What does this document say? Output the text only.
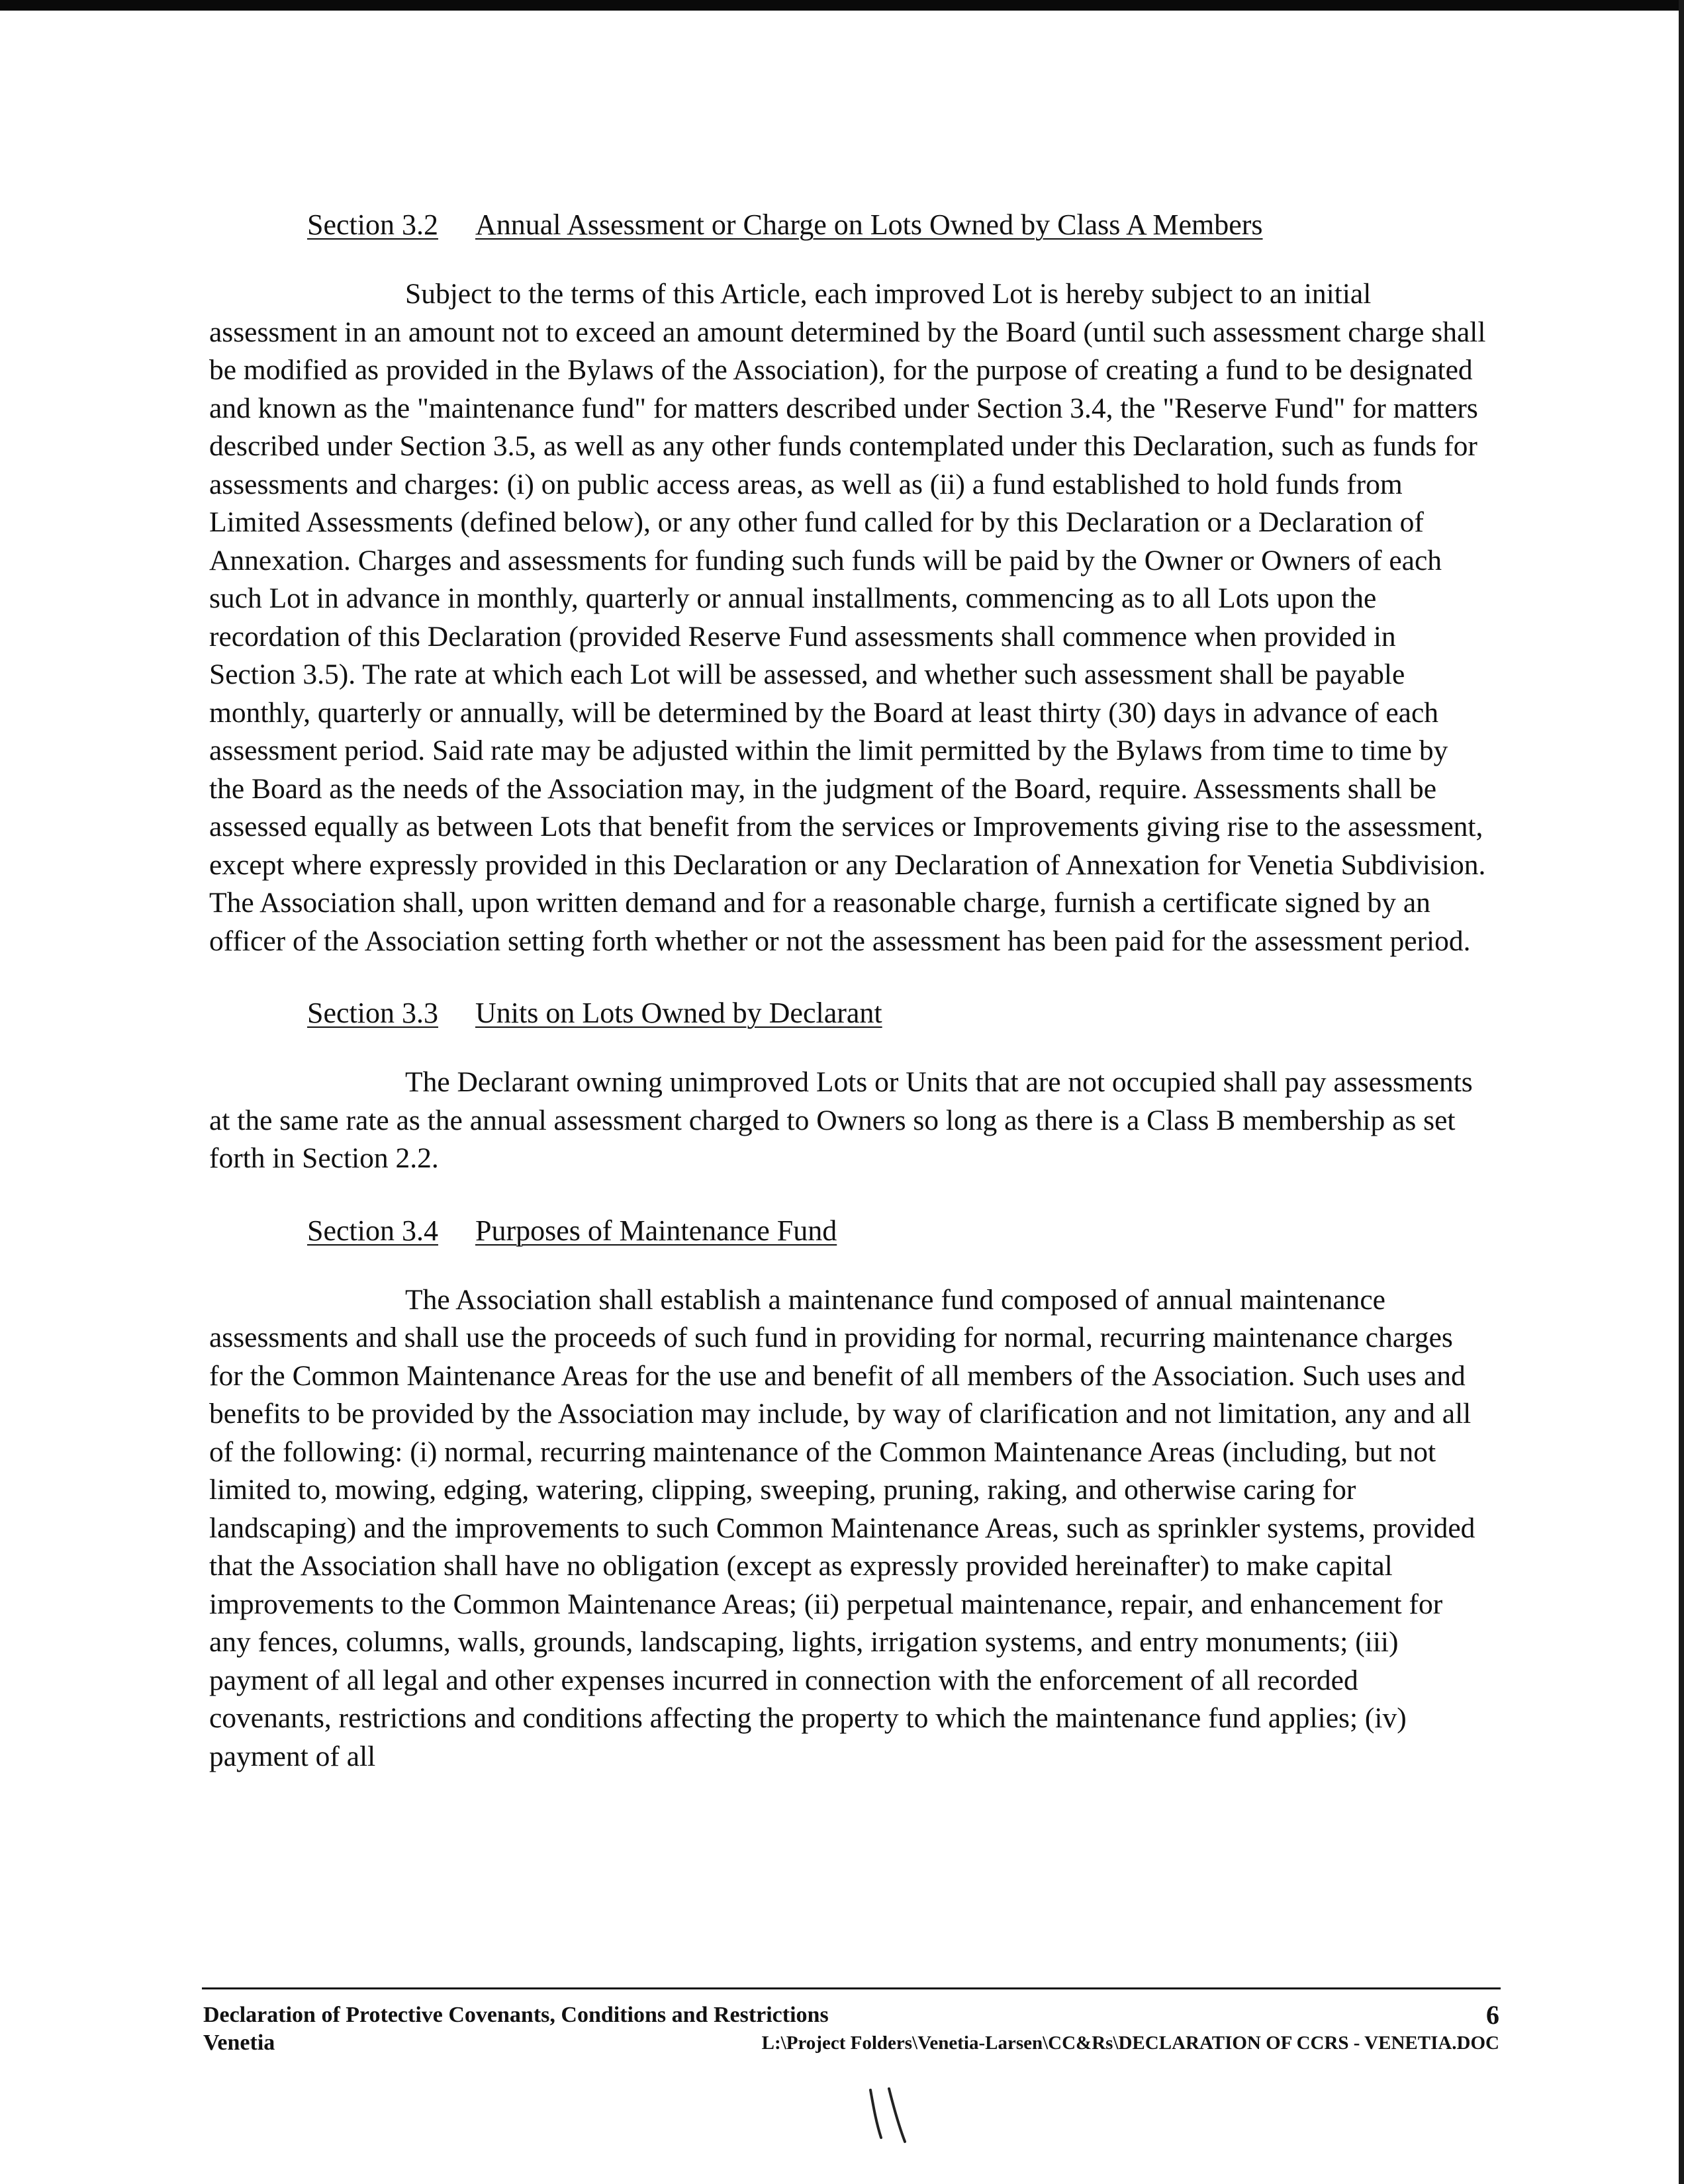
Section 3.2 Annual Assessment or Charge on Lots Owned by Class A Members

Subject to the terms of this Article, each improved Lot is hereby subject to an initial assessment in an amount not to exceed an amount determined by the Board (until such assessment charge shall be modified as provided in the Bylaws of the Association), for the purpose of creating a fund to be designated and known as the "maintenance fund" for matters described under Section 3.4, the "Reserve Fund" for matters described under Section 3.5, as well as any other funds contemplated under this Declaration, such as funds for assessments and charges: (i) on public access areas, as well as (ii) a fund established to hold funds from Limited Assessments (defined below), or any other fund called for by this Declaration or a Declaration of Annexation. Charges and assessments for funding such funds will be paid by the Owner or Owners of each such Lot in advance in monthly, quarterly or annual installments, commencing as to all Lots upon the recordation of this Declaration (provided Reserve Fund assessments shall commence when provided in Section 3.5). The rate at which each Lot will be assessed, and whether such assessment shall be payable monthly, quarterly or annually, will be determined by the Board at least thirty (30) days in advance of each assessment period. Said rate may be adjusted within the limit permitted by the Bylaws from time to time by the Board as the needs of the Association may, in the judgment of the Board, require. Assessments shall be assessed equally as between Lots that benefit from the services or Improvements giving rise to the assessment, except where expressly provided in this Declaration or any Declaration of Annexation for Venetia Subdivision. The Association shall, upon written demand and for a reasonable charge, furnish a certificate signed by an officer of the Association setting forth whether or not the assessment has been paid for the assessment period.

Section 3.3 Units on Lots Owned by Declarant

The Declarant owning unimproved Lots or Units that are not occupied shall pay assessments at the same rate as the annual assessment charged to Owners so long as there is a Class B membership as set forth in Section 2.2.

Section 3.4 Purposes of Maintenance Fund

The Association shall establish a maintenance fund composed of annual maintenance assessments and shall use the proceeds of such fund in providing for normal, recurring maintenance charges for the Common Maintenance Areas for the use and benefit of all members of the Association. Such uses and benefits to be provided by the Association may include, by way of clarification and not limitation, any and all of the following: (i) normal, recurring maintenance of the Common Maintenance Areas (including, but not limited to, mowing, edging, watering, clipping, sweeping, pruning, raking, and otherwise caring for landscaping) and the improvements to such Common Maintenance Areas, such as sprinkler systems, provided that the Association shall have no obligation (except as expressly provided hereinafter) to make capital improvements to the Common Maintenance Areas; (ii) perpetual maintenance, repair, and enhancement for any fences, columns, walls, grounds, landscaping, lights, irrigation systems, and entry monuments; (iii) payment of all legal and other expenses incurred in connection with the enforcement of all recorded covenants, restrictions and conditions affecting the property to which the maintenance fund applies; (iv) payment of all

Declaration of Protective Covenants, Conditions and Restrictions	6
Venetia	L:\Project Folders\Venetia-Larsen\CC&Rs\DECLARATION OF CCRS - VENETIA.DOC
